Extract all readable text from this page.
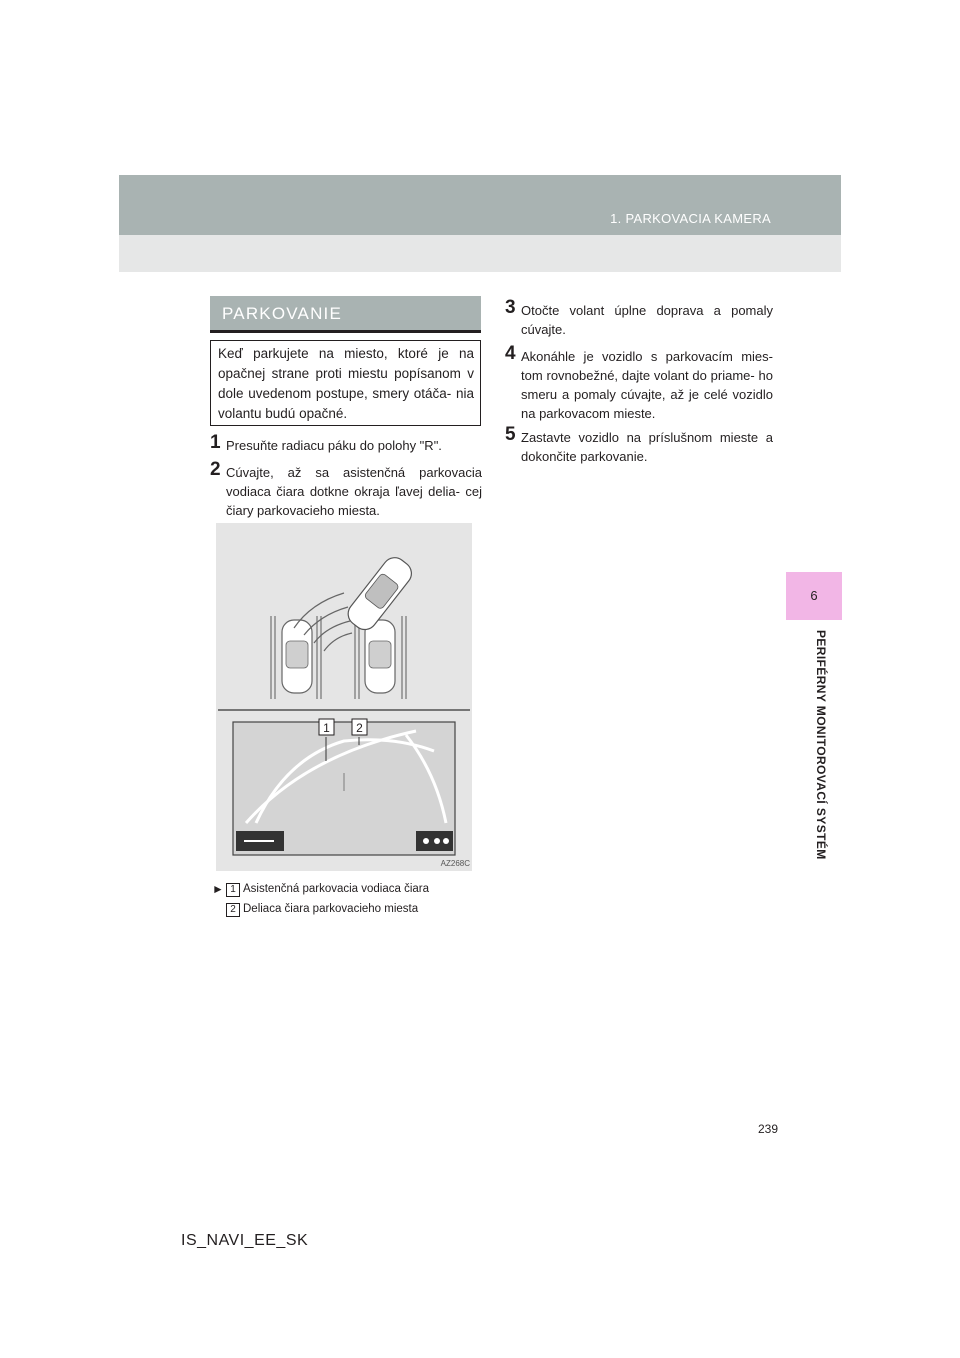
1. PARKOVACIA KAMERA
6
PERIFÉRNY MONITOROVACÍ SYSTÉM
PARKOVANIE
Keď parkujete na miesto, ktoré je na opačnej strane proti miestu popísanom v dole uvedenom postupe, smery otáča- nia volantu budú opačné.
1 Presuňte radiacu páku do polohy "R".
2 Cúvajte, až sa asistenčná parkovacia vodiaca čiara dotkne okraja ľavej delia- cej čiary parkovacieho miesta.
3 Otočte volant úplne doprava a pomaly cúvajte.
4 Akonáhle je vozidlo s parkovacím mies- tom rovnobežné, dajte volant do priame- ho smeru a pomaly cúvajte, až je celé vozidlo na parkovacom mieste.
5 Zastavte vozidlo na príslušnom mieste a dokončite parkovanie.
1 2
AZ268C
► 1 Asistenčná parkovacia vodiaca čiara
2 Deliaca čiara parkovacieho miesta
239
IS_NAVI_EE_SK
